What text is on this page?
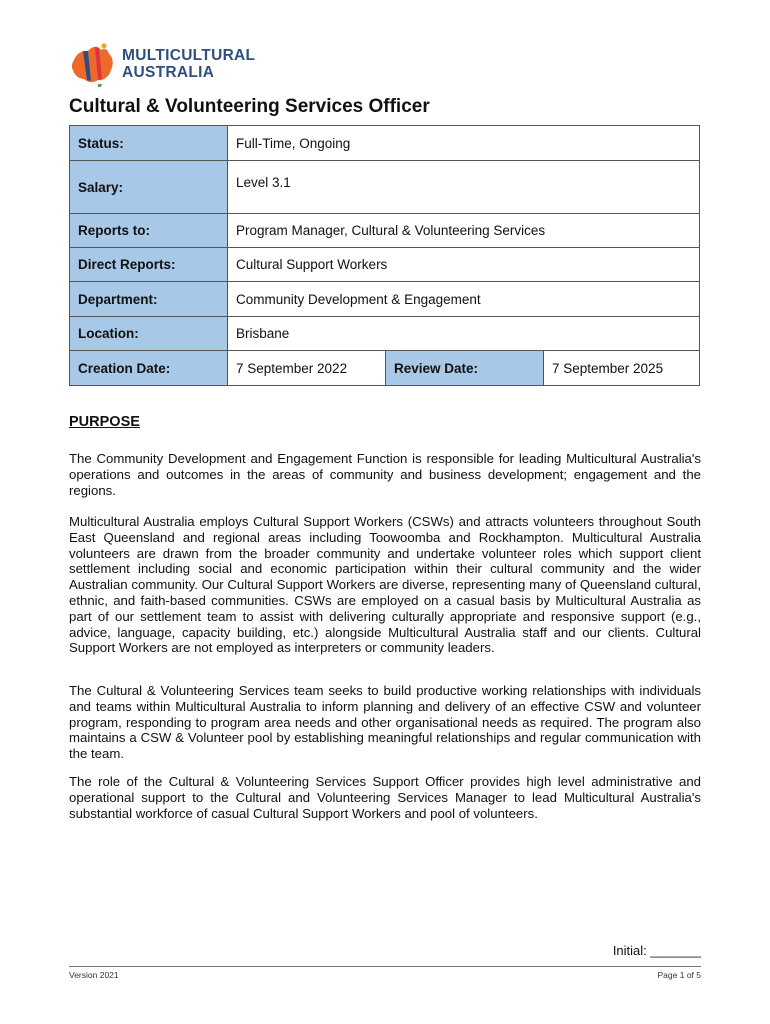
MULTICULTURAL
AUSTRALIA
Cultural & Volunteering Services Officer
Status:	Full-Time, Ongoing		
Salary:	Level 3.1		
Reports to:	Program Manager, Cultural & Volunteering Services		
Direct Reports:	Cultural Support Workers		
Department:	Community Development & Engagement		
Location:	Brisbane		
Creation Date:	7 September 2022	Review Date:	7 September 2025
PURPOSE

The Community Development and Engagement Function is responsible for leading Multicultural Australia's operations and outcomes in the areas of community and business development; engagement and the regions.

Multicultural Australia employs Cultural Support Workers (CSWs) and attracts volunteers throughout South East Queensland and regional areas including Toowoomba and Rockhampton. Multicultural Australia volunteers are drawn from the broader community and undertake volunteer roles which support client settlement including social and economic participation within their cultural community and the wider Australian community. Our Cultural Support Workers are diverse, representing many of Queensland cultural, ethnic, and faith-based communities. CSWs are employed on a casual basis by Multicultural Australia as part of our settlement team to assist with delivering culturally appropriate and responsive support (e.g., advice, language, capacity building, etc.) alongside Multicultural Australia staff and our clients. Cultural Support Workers are not employed as interpreters or community leaders.

The Cultural & Volunteering Services team seeks to build productive working relationships with individuals and teams within Multicultural Australia to inform planning and delivery of an effective CSW and volunteer program, responding to program area needs and other organisational needs as required. The program also maintains a CSW & Volunteer pool by establishing meaningful relationships and regular communication with the team.

The role of the Cultural & Volunteering Services Support Officer provides high level administrative and operational support to the Cultural and Volunteering Services Manager to lead Multicultural Australia's substantial workforce of casual Cultural Support Workers and pool of volunteers.

Initial: _______
Version 2021	Page 1 of 5
